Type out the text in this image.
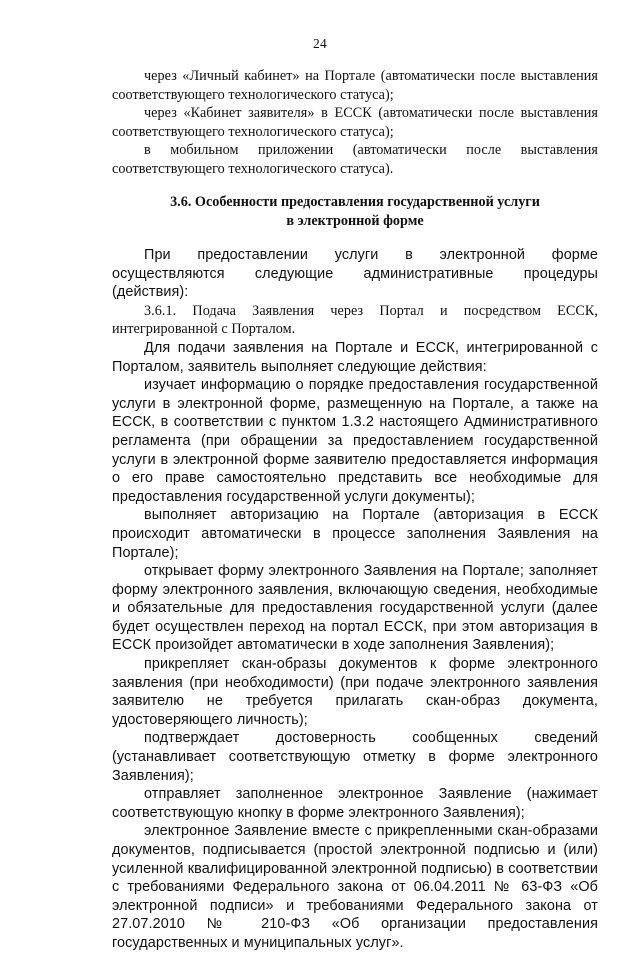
24

через «Личный кабинет» на Портале (автоматически после выставления соответствующего технологического статуса);

через «Кабинет заявителя» в ЕССК (автоматически после выставления соответствующего технологического статуса);

в мобильном приложении (автоматически после выставления соответствующего технологического статуса).

3.6. Особенности предоставления государственной услуги
в электронной форме

При предоставлении услуги в электронной форме осуществляются следующие административные процедуры (действия):

3.6.1. Подача Заявления через Портал и посредством ЕССК, интегрированной с Порталом.

Для подачи заявления на Портале и ЕССК, интегрированной с Порталом, заявитель выполняет следующие действия:

изучает информацию о порядке предоставления государственной услуги в электронной форме, размещенную на Портале, а также на ЕССК, в соответствии с пунктом 1.3.2 настоящего Административного регламента (при обращении за предоставлением государственной услуги в электронной форме заявителю предоставляется информация о его праве самостоятельно представить все необходимые для предоставления государственной услуги документы);

выполняет авторизацию на Портале (авторизация в ЕССК происходит автоматически в процессе заполнения Заявления на Портале);

открывает форму электронного Заявления на Портале; заполняет форму электронного заявления, включающую сведения, необходимые и обязательные для предоставления государственной услуги (далее будет осуществлен переход на портал ЕССК, при этом авторизация в ЕССК произойдет автоматически в ходе заполнения Заявления);

прикрепляет скан-образы документов к форме электронного заявления (при необходимости) (при подаче электронного заявления заявителю не требуется прилагать скан-образ документа, удостоверяющего личность);

подтверждает достоверность сообщенных сведений (устанавливает соответствующую отметку в форме электронного Заявления);

отправляет заполненное электронное Заявление (нажимает соответствующую кнопку в форме электронного Заявления);

электронное Заявление вместе с прикрепленными скан-образами документов, подписывается (простой электронной подписью и (или) усиленной квалифицированной электронной подписью) в соответствии с требованиями Федерального закона от 06.04.2011 № 63-ФЗ «Об электронной подписи» и требованиями Федерального закона от 27.07.2010 № 210-ФЗ «Об организации предоставления государственных и муниципальных услуг».
